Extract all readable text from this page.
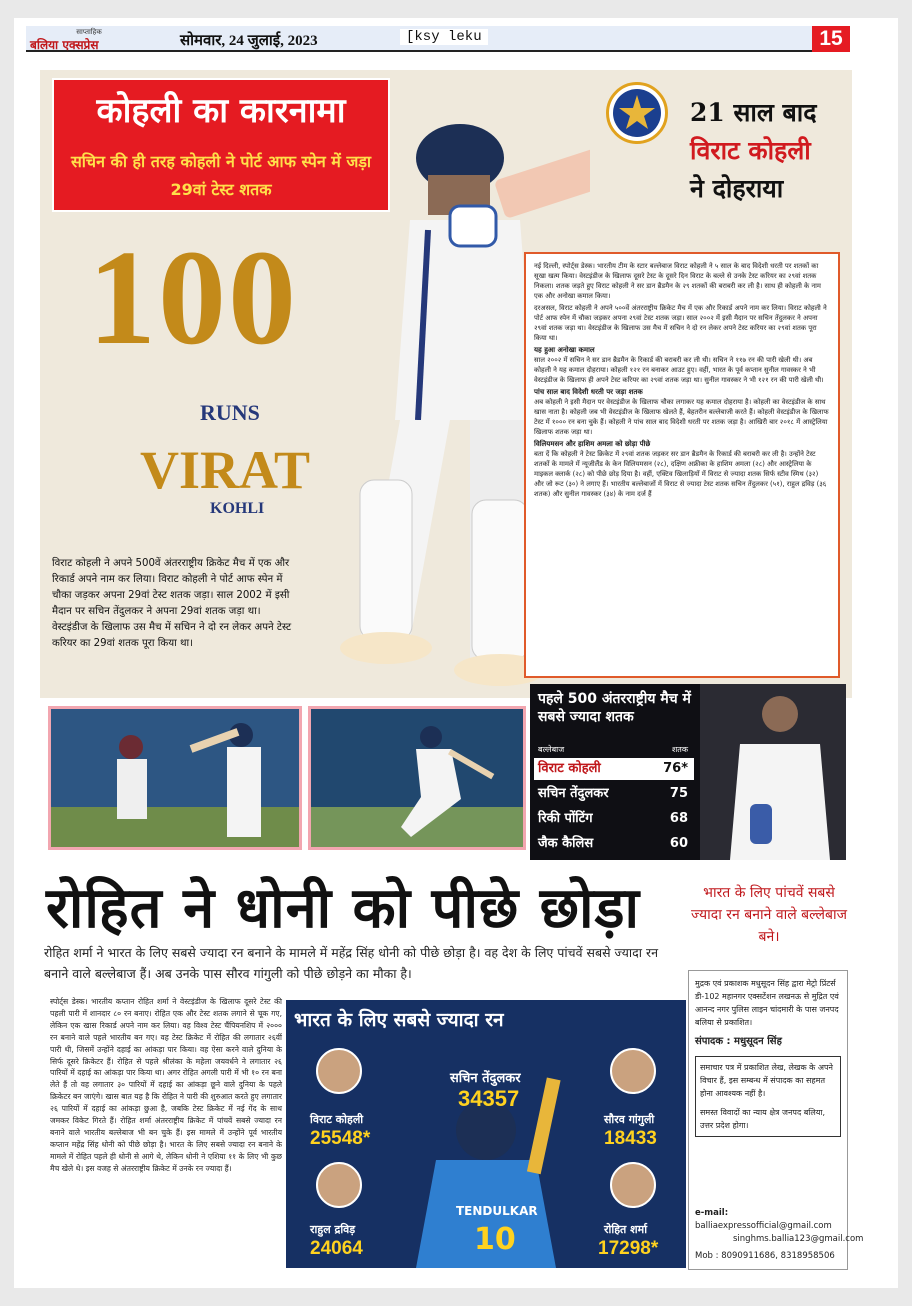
साप्ताहिक
बलिया एक्सप्रेस	सोमवार, 24 जुलाई, 2023	[ksy leku	15
कोहली का कारनामा
सचिन की ही तरह कोहली ने पोर्ट आफ स्पेन में जड़ा 29वां टेस्ट शतक
21 साल बाद
विराट कोहली
ने दोहराया
100
RUNS
VIRAT
KOHLI
विराट कोहली ने अपने 500वें अंतरराष्ट्रीय क्रिकेट मैच में एक और रिकार्ड अपने नाम कर लिया। विराट कोहली ने पोर्ट आफ स्पेन में चौका जड़कर अपना 29वां टेस्ट शतक जड़ा। साल 2002 में इसी मैदान पर सचिन तेंदुलकर ने अपना 29वां शतक जड़ा था। वेस्टइंडीज के खिलाफ उस मैच में सचिन ने दो रन लेकर अपने टेस्ट करियर का 29वां शतक पूरा किया था।

नई दिल्ली, स्पोर्ट्स डेस्क। भारतीय टीम के स्टार बल्लेबाज विराट कोहली ने ५ साल के बाद विदेशी धरती पर शतकों का सूखा खत्म किया। वेस्टइंडीज के खिलाफ दूसरे टेस्ट के दूसरे दिन विराट के बल्ले से उनके टेस्ट करियर का २९वां शतक निकला। शतक जड़ते हुए विराट कोहली ने सर डान ब्रैडमैन के २९ शतकों की बराबरी कर ली है। साथ ही कोहली के नाम एक और अनोखा कमाल किया।

दरअसल, विराट कोहली ने अपने ५००वें अंतरराष्ट्रीय क्रिकेट मैच में एक और रिकार्ड अपने नाम कर लिया। विराट कोहली ने पोर्ट आफ स्पेन में चौका जड़कर अपना २९वां टेस्ट शतक जड़ा। साल २००२ में इसी मैदान पर सचिन तेंदुलकर ने अपना २९वां शतक जड़ा था। वेस्टइंडीज के खिलाफ उस मैच में सचिन ने दो रन लेकर अपने टेस्ट करियर का २९वां शतक पूरा किया था।

यह हुआ अनोखा कमाल

साल २००२ में सचिन ने सर डान ब्रैडमैन के रिकार्ड की बराबरी कर ली थी। सचिन ने ११७ रन की पारी खेली थी। अब कोहली ने यह कमाल दोहराया। कोहली १२१ रन बनाकर आउट हुए। वहीं, भारत के पूर्व कप्तान सुनील गावस्कर ने भी वेस्टइंडीज के खिलाफ ही अपने टेस्ट करियर का २९वां शतक जड़ा था। सुनील गावस्कर ने भी १२१ रन की पारी खेली थी।

पांच साल बाद विदेशी धरती पर जड़ा शतक

अब कोहली ने इसी मैदान पर वेस्टइंडीज के खिलाफ चौका लगाकर यह कमाल दोहराया है। कोहली का वेस्टइंडीज के साथ खास नाता है। कोहली जब भी वेस्टइंडीज के खिलाफ खेलते हैं, बेहतरीन बल्लेबाजी करते हैं। कोहली वेस्टइंडीज के खिलाफ टेस्ट में १००० रन बना चुके हैं। कोहली ने पांच साल बाद विदेशी धरती पर शतक जड़ा है। आखिरी बार २०१८ में आस्ट्रेलिया खिलाफ शतक जड़ा था।

विलियमसन और हाशिम अमला को छोड़ा पीछे

बता दें कि कोहली ने टेस्ट क्रिकेट में २९वां शतक जड़कर सर डान ब्रैडमैन के रिकार्ड की बराबरी कर ली है। उन्होंने टेस्ट शतकों के मामले में न्यूजीलैंड के केन विलियमसन (२८), दक्षिण अफ्रीका के हाशिम अमला (२८) और आस्ट्रेलिया के माइकल क्लार्क (२८) को पीछे छोड़ दिया है। वहीं, एक्टिव खिलाड़ियों में विराट से ज्यादा शतक सिर्फ स्टीव स्मिथ (३२) और जो रूट (३०) ने लगाए हैं। भारतीय बल्लेबाजों में विराट से ज्यादा टेस्ट शतक सचिन तेंदुलकर (५१), राहुल द्रविड़ (३६ शतक) और सुनील गावस्कर (३४) के नाम दर्ज हैं

पहले 500 अंतरराष्ट्रीय मैच में सबसे ज्यादा शतक
बल्लेबाज	शतक
विराट कोहली	76*
सचिन तेंदुलकर	75
रिकी पोंटिंग	68
जैक कैलिस	60
रोहित ने धोनी को पीछे छोड़ा	भारत के लिए पांचवें सबसे ज्यादा रन बनाने वाले बल्लेबाज बने।
रोहित शर्मा ने भारत के लिए सबसे ज्यादा रन बनाने के मामले में महेंद्र सिंह धोनी को पीछे छोड़ा है। वह देश के लिए पांचवें सबसे ज्यादा रन बनाने वाले बल्लेबाज हैं। अब उनके पास सौरव गांगुली को पीछे छोड़ने का मौका है।
स्पोर्ट्स डेस्क। भारतीय कप्तान रोहित शर्मा ने वेस्टइंडीज के खिलाफ दूसरे टेस्ट की पहली पारी में शानदार ८० रन बनाए। रोहित एक और टेस्ट शतक लगाने से चूक गए, लेकिन एक खास रिकार्ड अपने नाम कर लिया। वह विश्व टेस्ट चैंपियनशिप में २००० रन बनाने वाले पहले भारतीय बन गए। वह टेस्ट क्रिकेट में रोहित की लगातार २६वीं पारी थी, जिसमें उन्होंने दहाई का आंकड़ा पार किया। वह ऐसा करने वाले दुनिया के सिर्फ दूसरे क्रिकेटर हैं। रोहित से पहले श्रीलंका के महेला जयवर्धने ने लगातार २६ पारियों में दहाई का आंकड़ा पार किया था। अगर रोहित अगली पारी में भी १० रन बना लेते हैं तो वह लगातार ३० पारियों में दहाई का आंकड़ा छूने वाले दुनिया के पहले क्रिकेटर बन जाएंगे। खास बात यह है कि रोहित ने पारी की शुरुआत करते हुए लगातार २६ पारियों में दहाई का आंकड़ा छुआ है, जबकि टेस्ट क्रिकेट में नई गेंद के साथ जमकर विकेट गिरते हैं। रोहित शर्मा अंतरराष्ट्रीय क्रिकेट में पांचवें सबसे ज्यादा रन बनाने वाले भारतीय बल्लेबाज भी बन चुके हैं। इस मामले में उन्होंने पूर्व भारतीय कप्तान महेंद्र सिंह धोनी को पीछे छोड़ा है। भारत के लिए सबसे ज्यादा रन बनाने के मामले में रोहित पहले ही धोनी से आगे थे, लेकिन धोनी ने एशिया ११ के लिए भी कुछ मैच खेले थे। इस वजह से अंतरराष्ट्रीय क्रिकेट में उनके रन ज्यादा हैं।
भारत के लिए सबसे ज्यादा रन
विराट कोहली
25548*
सचिन तेंदुलकर
34357
सौरव गांगुली
18433
राहुल द्रविड़
24064
रोहित शर्मा
17298*
TENDULKAR
10
मुद्रक एवं प्रकाशक मधुसूदन सिंह द्वारा मेट्रो प्रिंटर्स डी-102 महानगर एक्सटेंशन लखनऊ से मुद्रित एवं आनन्द नगर पुलिस लाइन चांदमारी के पास जनपद बलिया से प्रकाशित।
संपादक : मधुसूदन सिंह
समाचार पत्र में प्रकाशित लेख, लेखक के अपने विचार हैं, इस सम्बन्ध में संपादक का सहमत होना आवश्यक नहीं है।
समस्त विवादों का न्याय क्षेत्र जनपद बलिया, उत्तर प्रदेश होगा।
e-mail: balliaexpressofficial@gmail.com
singhms.ballia123@gmail.com
Mob : 8090911686, 8318958506
